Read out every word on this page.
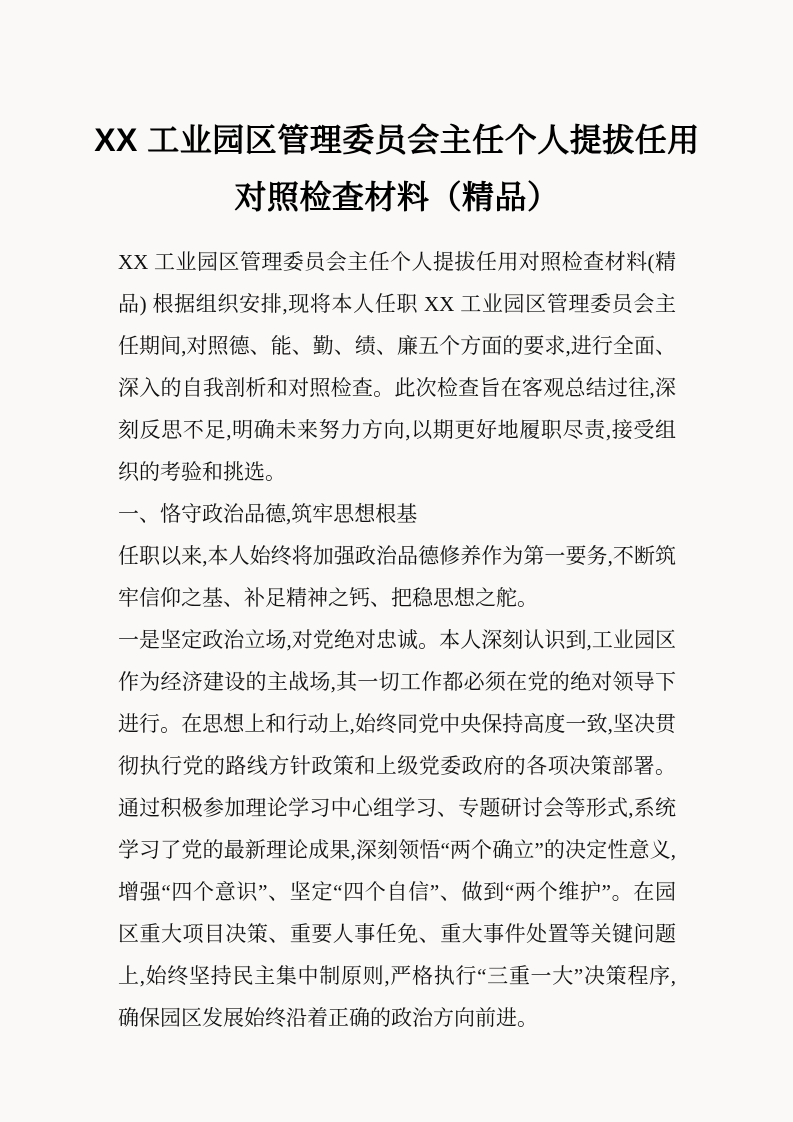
XX 工业园区管理委员会主任个人提拔任用对照检查材料（精品）

XX 工业园区管理委员会主任个人提拔任用对照检查材料(精品) 根据组织安排,现将本人任职 XX 工业园区管理委员会主任期间,对照德、能、勤、绩、廉五个方面的要求,进行全面、深入的自我剖析和对照检查。此次检查旨在客观总结过往,深刻反思不足,明确未来努力方向,以期更好地履职尽责,接受组织的考验和挑选。

一、恪守政治品德,筑牢思想根基

任职以来,本人始终将加强政治品德修养作为第一要务,不断筑牢信仰之基、补足精神之钙、把稳思想之舵。

一是坚定政治立场,对党绝对忠诚。本人深刻认识到,工业园区作为经济建设的主战场,其一切工作都必须在党的绝对领导下进行。在思想上和行动上,始终同党中央保持高度一致,坚决贯彻执行党的路线方针政策和上级党委政府的各项决策部署。通过积极参加理论学习中心组学习、专题研讨会等形式,系统学习了党的最新理论成果,深刻领悟“两个确立”的决定性意义,增强“四个意识”、坚定“四个自信”、做到“两个维护”。在园区重大项目决策、重要人事任免、重大事件处置等关键问题上,始终坚持民主集中制原则,严格执行“三重一大”决策程序,确保园区发展始终沿着正确的政治方向前进。
